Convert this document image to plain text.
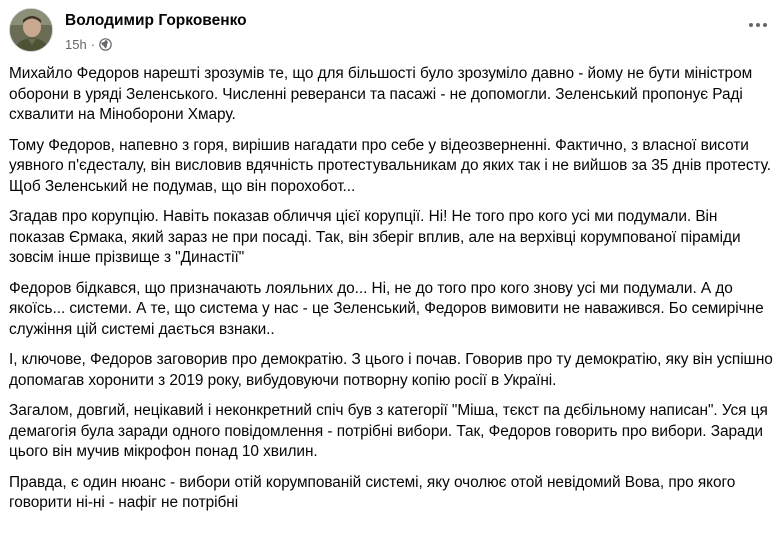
Володимир Горковенко
15h ·

Михайло Федоров нарешті зрозумів те, що для більшості було зрозуміло давно - йому не бути міністром оборони в уряді Зеленського. Численні реверанси та пасажі - не допомогли. Зеленський пропонує Раді схвалити на Міноборони Хмару.

Тому Федоров, напевно з горя, вирішив нагадати про себе у відеозверненні. Фактично, з власної висоти уявного п'єдесталу, він висловив вдячність протестувальникам до яких так і не вийшов за 35 днів протесту. Щоб Зеленський не подумав, що він порохобот...

Згадав про корупцію. Навіть показав обличчя цієї корупції. Ні! Не того про кого усі ми подумали. Він показав Єрмака, який зараз не при посаді. Так, він зберіг вплив, але на верхівці корумпованої піраміди зовсім інше прізвище з "Династії"

Федоров бідкався, що призначають лояльних до... Ні, не до того про кого знову усі ми подумали. А до якоїсь... системи. А те, що система у нас - це Зеленський, Федоров вимовити не наважився. Бо семирічне служіння цій системі дається взнаки..

І, ключове, Федоров заговорив про демократію. З цього і почав. Говорив про ту демократію, яку він успішно допомагав хоронити з 2019 року, вибудовуючи потворну копію росії в Україні.

Загалом, довгий, нецікавий і неконкретний спіч був з категорії "Міша, тєкст па дєбільному написан". Уся ця демагогія була заради одного повідомлення - потрібні вибори. Так, Федоров говорить про вибори. Заради цього він мучив мікрофон понад 10 хвилин.

Правда, є один нюанс - вибори отій корумпованій системі, яку очолює отой невідомий Вова, про якого говорити ні-ні - нафіг не потрібні
